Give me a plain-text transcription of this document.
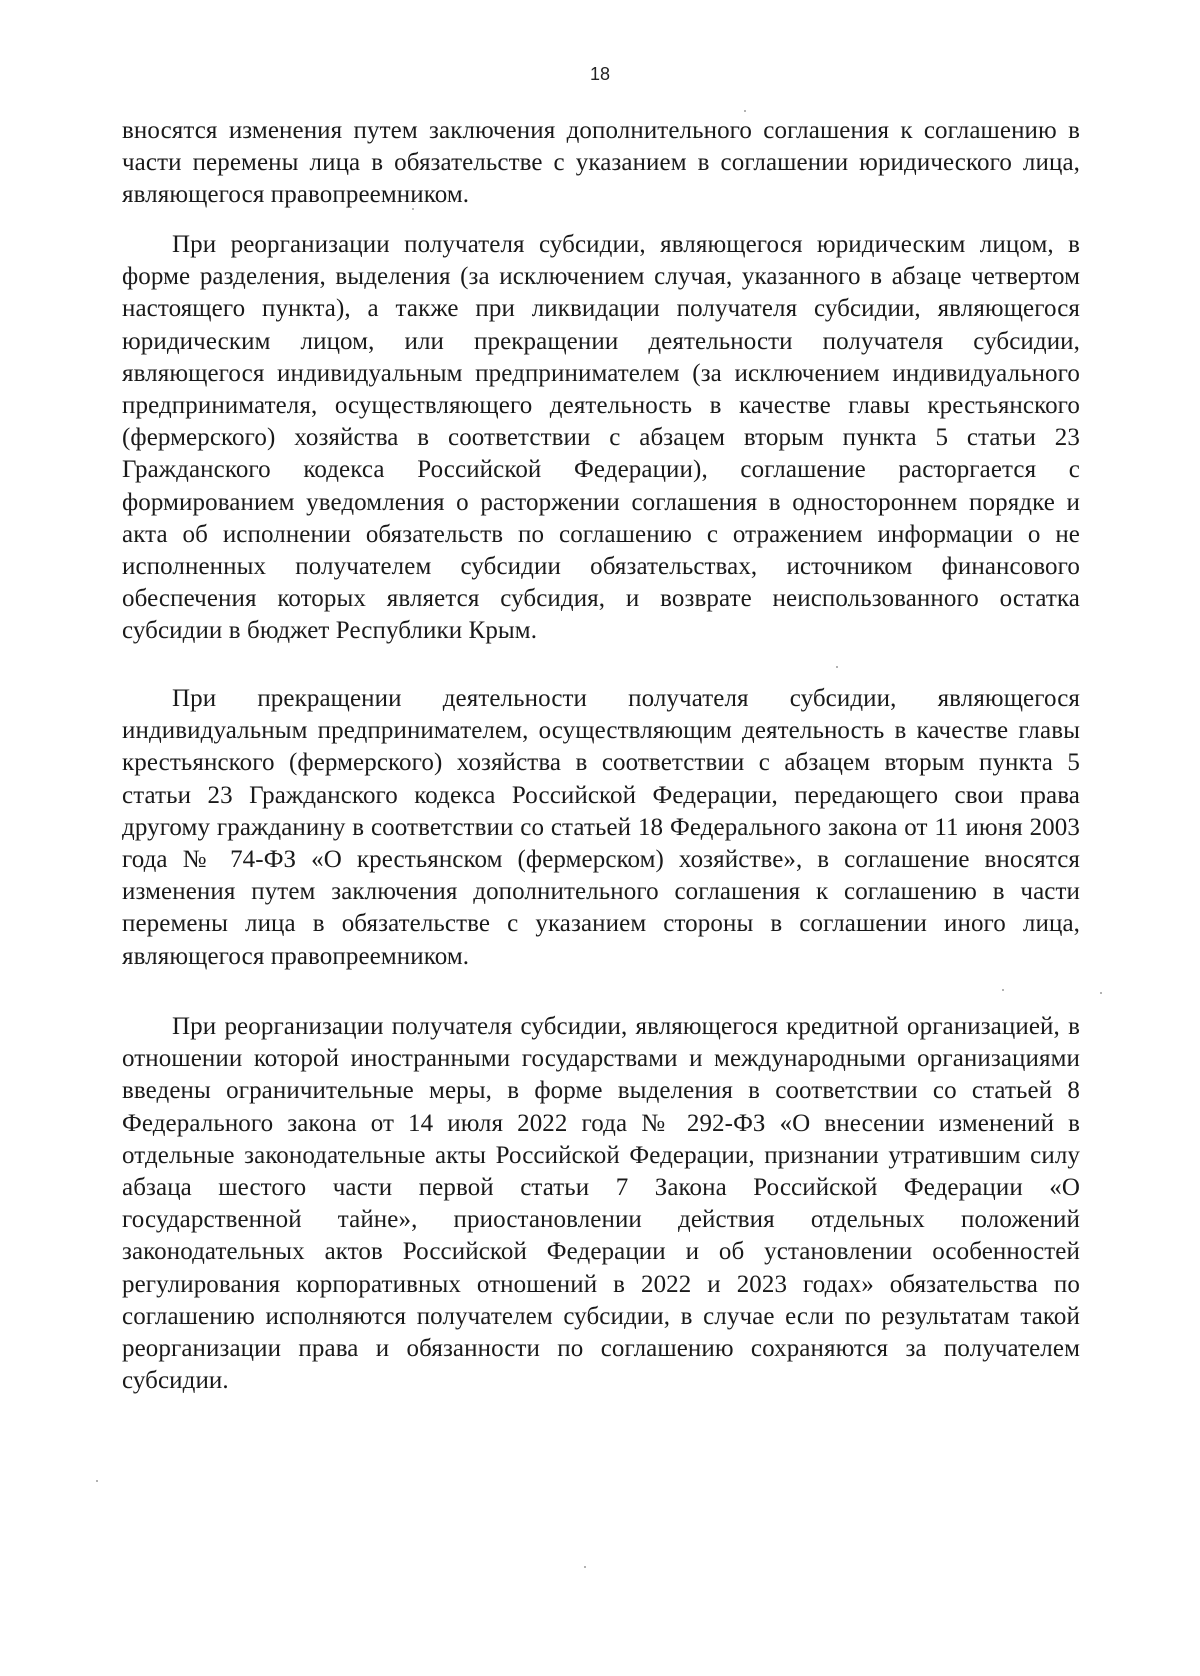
18

вносятся изменения путем заключения дополнительного соглашения к соглашению в части перемены лица в обязательстве с указанием в соглашении юридического лица, являющегося правопреемником.

При реорганизации получателя субсидии, являющегося юридическим лицом, в форме разделения, выделения (за исключением случая, указанного в абзаце четвертом настоящего пункта), а также при ликвидации получателя субсидии, являющегося юридическим лицом, или прекращении деятельности получателя субсидии, являющегося индивидуальным предпринимателем (за исключением индивидуального предпринимателя, осуществляющего деятельность в качестве главы крестьянского (фермерского) хозяйства в соответствии с абзацем вторым пункта 5 статьи 23 Гражданского кодекса Российской Федерации), соглашение расторгается с формированием уведомления о расторжении соглашения в одностороннем порядке и акта об исполнении обязательств по соглашению с отражением информации о не исполненных получателем субсидии обязательствах, источником финансового обеспечения которых является субсидия, и возврате неиспользованного остатка субсидии в бюджет Республики Крым.

При прекращении деятельности получателя субсидии, являющегося индивидуальным предпринимателем, осуществляющим деятельность в качестве главы крестьянского (фермерского) хозяйства в соответствии с абзацем вторым пункта 5 статьи 23 Гражданского кодекса Российской Федерации, передающего свои права другому гражданину в соответствии со статьей 18 Федерального закона от 11 июня 2003 года № 74-ФЗ «О крестьянском (фермерском) хозяйстве», в соглашение вносятся изменения путем заключения дополнительного соглашения к соглашению в части перемены лица в обязательстве с указанием стороны в соглашении иного лица, являющегося правопреемником.

При реорганизации получателя субсидии, являющегося кредитной организацией, в отношении которой иностранными государствами и международными организациями введены ограничительные меры, в форме выделения в соответствии со статьей 8 Федерального закона от 14 июля 2022 года № 292-ФЗ «О внесении изменений в отдельные законодательные акты Российской Федерации, признании утратившим силу абзаца шестого части первой статьи 7 Закона Российской Федерации «О государственной тайне», приостановлении действия отдельных положений законодательных актов Российской Федерации и об установлении особенностей регулирования корпоративных отношений в 2022 и 2023 годах» обязательства по соглашению исполняются получателем субсидии, в случае если по результатам такой реорганизации права и обязанности по соглашению сохраняются за получателем субсидии.
